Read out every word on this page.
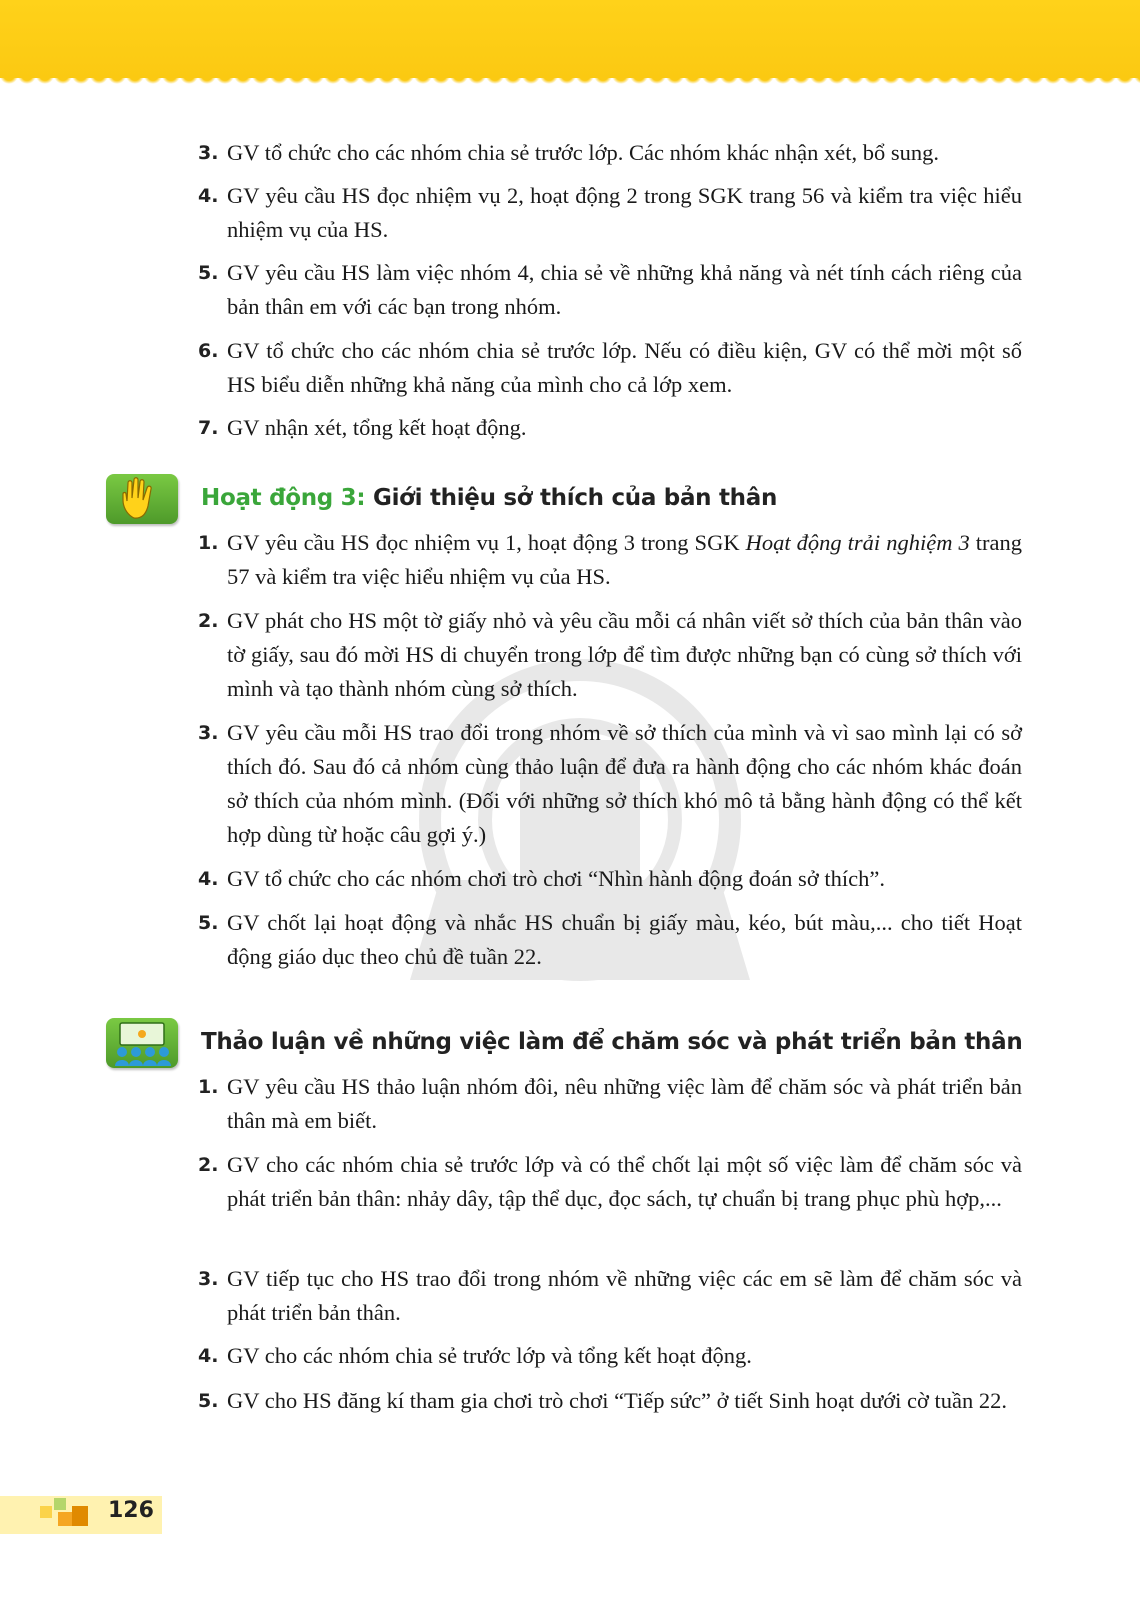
3. GV tổ chức cho các nhóm chia sẻ trước lớp. Các nhóm khác nhận xét, bổ sung.
4. GV yêu cầu HS đọc nhiệm vụ 2, hoạt động 2 trong SGK trang 56 và kiểm tra việc hiểu nhiệm vụ của HS.
5. GV yêu cầu HS làm việc nhóm 4, chia sẻ về những khả năng và nét tính cách riêng của bản thân em với các bạn trong nhóm.
6. GV tổ chức cho các nhóm chia sẻ trước lớp. Nếu có điều kiện, GV có thể mời một số HS biểu diễn những khả năng của mình cho cả lớp xem.
7. GV nhận xét, tổng kết hoạt động.
Hoạt động 3: Giới thiệu sở thích của bản thân
1. GV yêu cầu HS đọc nhiệm vụ 1, hoạt động 3 trong SGK Hoạt động trải nghiệm 3 trang 57 và kiểm tra việc hiểu nhiệm vụ của HS.
2. GV phát cho HS một tờ giấy nhỏ và yêu cầu mỗi cá nhân viết sở thích của bản thân vào tờ giấy, sau đó mời HS di chuyển trong lớp để tìm được những bạn có cùng sở thích với mình và tạo thành nhóm cùng sở thích.
3. GV yêu cầu mỗi HS trao đổi trong nhóm về sở thích của mình và vì sao mình lại có sở thích đó. Sau đó cả nhóm cùng thảo luận để đưa ra hành động cho các nhóm khác đoán sở thích của nhóm mình. (Đối với những sở thích khó mô tả bằng hành động có thể kết hợp dùng từ hoặc câu gợi ý.)
4. GV tổ chức cho các nhóm chơi trò chơi “Nhìn hành động đoán sở thích”.
5. GV chốt lại hoạt động và nhắc HS chuẩn bị giấy màu, kéo, bút màu,... cho tiết Hoạt động giáo dục theo chủ đề tuần 22.
Thảo luận về những việc làm để chăm sóc và phát triển bản thân
1. GV yêu cầu HS thảo luận nhóm đôi, nêu những việc làm để chăm sóc và phát triển bản thân mà em biết.
2. GV cho các nhóm chia sẻ trước lớp và có thể chốt lại một số việc làm để chăm sóc và phát triển bản thân: nhảy dây, tập thể dục, đọc sách, tự chuẩn bị trang phục phù hợp,...
3. GV tiếp tục cho HS trao đổi trong nhóm về những việc các em sẽ làm để chăm sóc và phát triển bản thân.
4. GV cho các nhóm chia sẻ trước lớp và tổng kết hoạt động.
5. GV cho HS đăng kí tham gia chơi trò chơi “Tiếp sức” ở tiết Sinh hoạt dưới cờ tuần 22.
126
